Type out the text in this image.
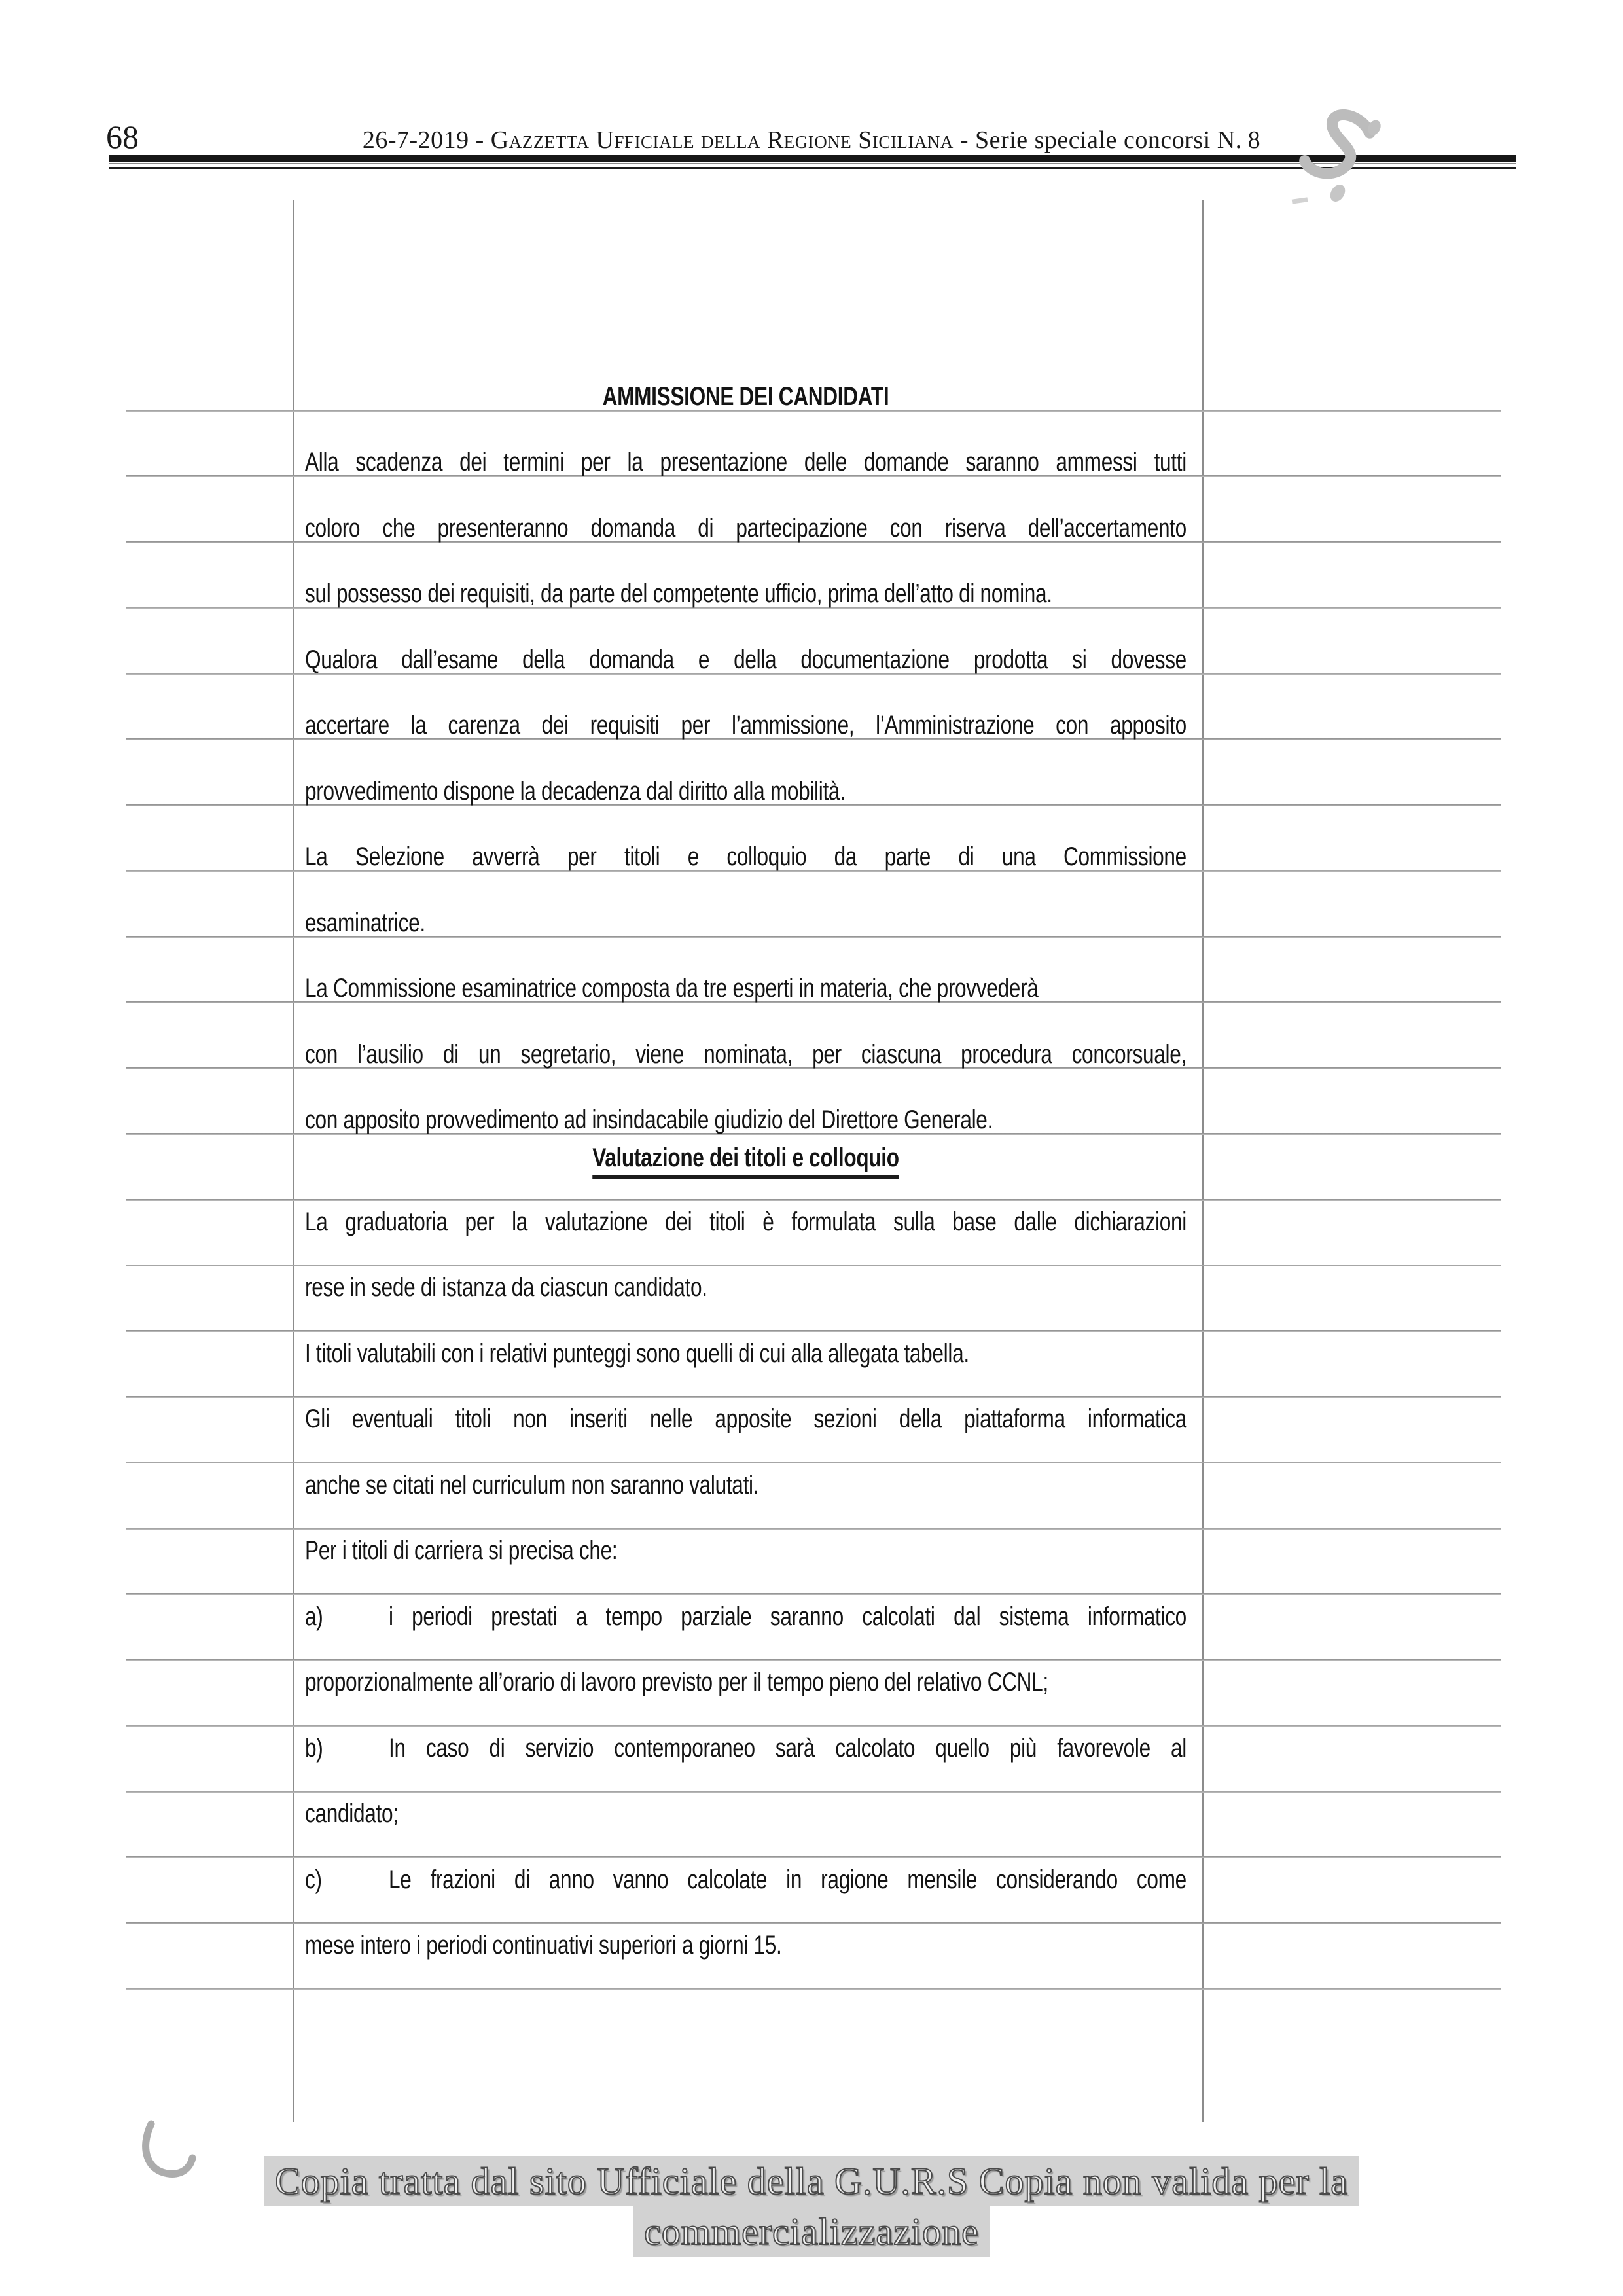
68	26-7-2019 - Gazzetta Ufficiale della Regione Siciliana - Serie speciale concorsi N. 8
AMMISSIONE DEI CANDIDATI
Alla scadenza dei termini per la presentazione delle domande saranno ammessi tutti
coloro che presenteranno domanda di partecipazione con riserva dell’accertamento
sul possesso dei requisiti, da parte del competente ufficio, prima dell’atto di nomina.
Qualora dall’esame della domanda e della documentazione prodotta si dovesse
accertare la carenza dei requisiti per l’ammissione, l’Amministrazione con apposito
provvedimento dispone la decadenza dal diritto alla mobilità.
La Selezione avverrà per titoli e colloquio da parte di una Commissione
esaminatrice.
La Commissione esaminatrice composta da tre esperti in materia, che provvederà
con l’ausilio di un segretario, viene nominata, per ciascuna procedura concorsuale,
con apposito provvedimento ad insindacabile giudizio del Direttore Generale.
Valutazione dei titoli e colloquio
La graduatoria per la valutazione dei titoli è formulata sulla base dalle dichiarazioni
rese in sede di istanza da ciascun candidato.
I titoli valutabili con i relativi punteggi sono quelli di cui alla allegata tabella.
Gli eventuali titoli non inseriti nelle apposite sezioni della piattaforma informatica
anche se citati nel curriculum non saranno valutati.
Per i titoli di carriera si precisa che:
a)	i periodi prestati a tempo parziale saranno calcolati dal sistema informatico
proporzionalmente all’orario di lavoro previsto per il tempo pieno del relativo CCNL;
b)	In caso di servizio contemporaneo sarà calcolato quello più favorevole al
candidato;
c)	Le frazioni di anno vanno calcolate in ragione mensile considerando come
mese intero i periodi continuativi superiori a giorni 15.
Copia tratta dal sito Ufficiale della G.U.R.S Copia non valida per la
commercializzazione
